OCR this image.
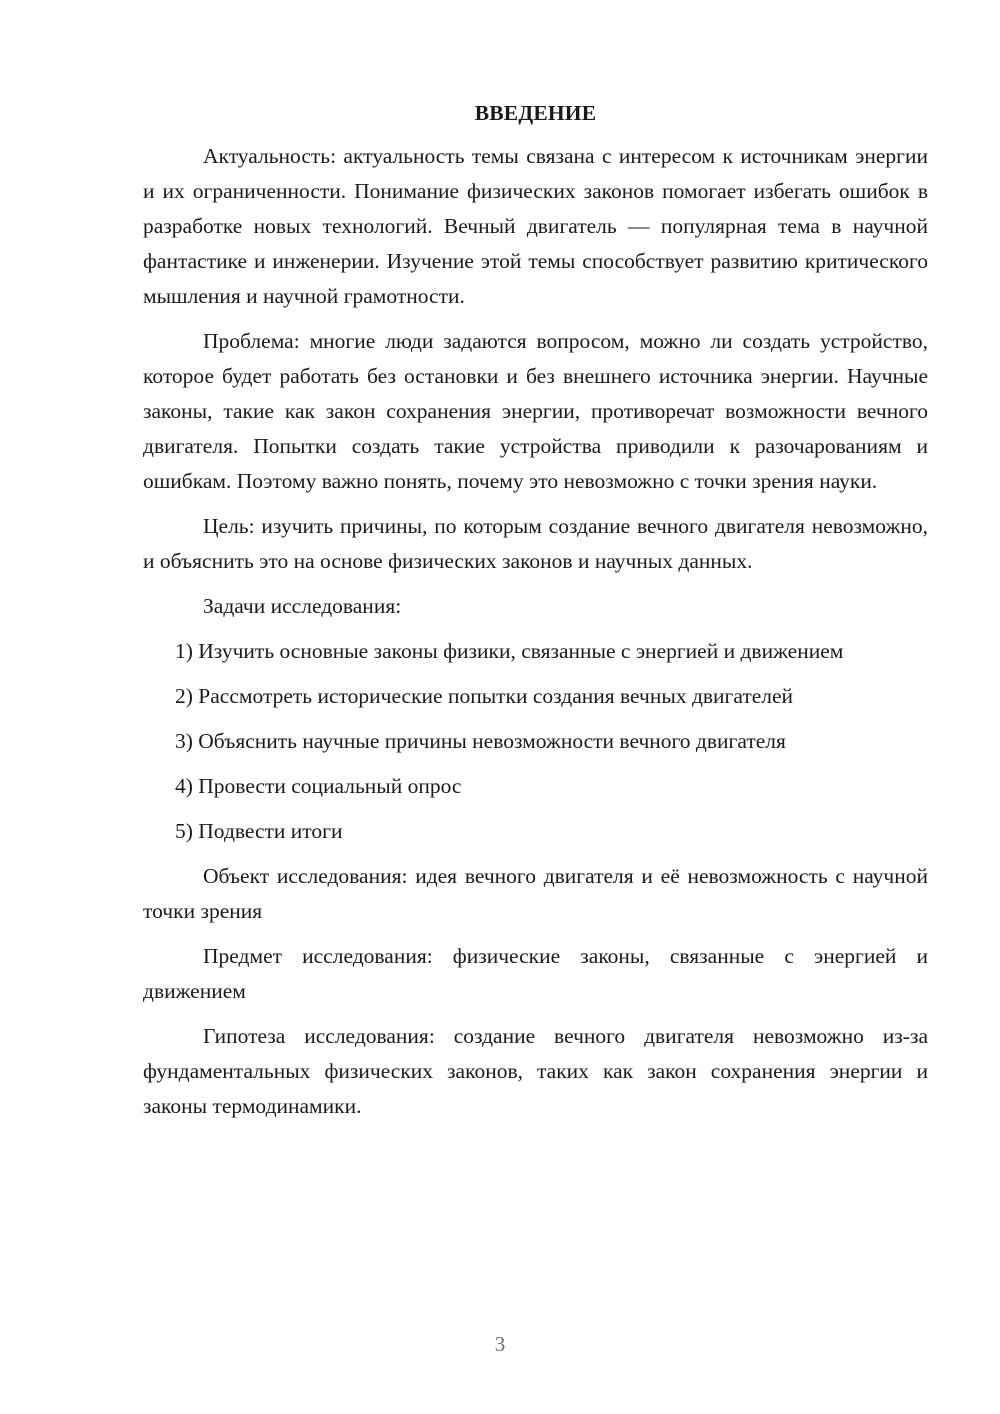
ВВЕДЕНИЕ

Актуальность: актуальность темы связана с интересом к источникам энергии и их ограниченности. Понимание физических законов помогает избегать ошибок в разработке новых технологий. Вечный двигатель — популярная тема в научной фантастике и инженерии. Изучение этой темы способствует развитию критического мышления и научной грамотности.

Проблема: многие люди задаются вопросом, можно ли создать устройство, которое будет работать без остановки и без внешнего источника энергии. Научные законы, такие как закон сохранения энергии, противоречат возможности вечного двигателя. Попытки создать такие устройства приводили к разочарованиям и ошибкам. Поэтому важно понять, почему это невозможно с точки зрения науки.

Цель: изучить причины, по которым создание вечного двигателя невозможно, и объяснить это на основе физических законов и научных данных.

Задачи исследования:

1) Изучить основные законы физики, связанные с энергией и движением
2) Рассмотреть исторические попытки создания вечных двигателей
3) Объяснить научные причины невозможности вечного двигателя
4) Провести социальный опрос
5) Подвести итоги

Объект исследования: идея вечного двигателя и её невозможность с научной точки зрения

Предмет исследования: физические законы, связанные с энергией и движением

Гипотеза исследования: создание вечного двигателя невозможно из-за фундаментальных физических законов, таких как закон сохранения энергии и законы термодинамики.

3
